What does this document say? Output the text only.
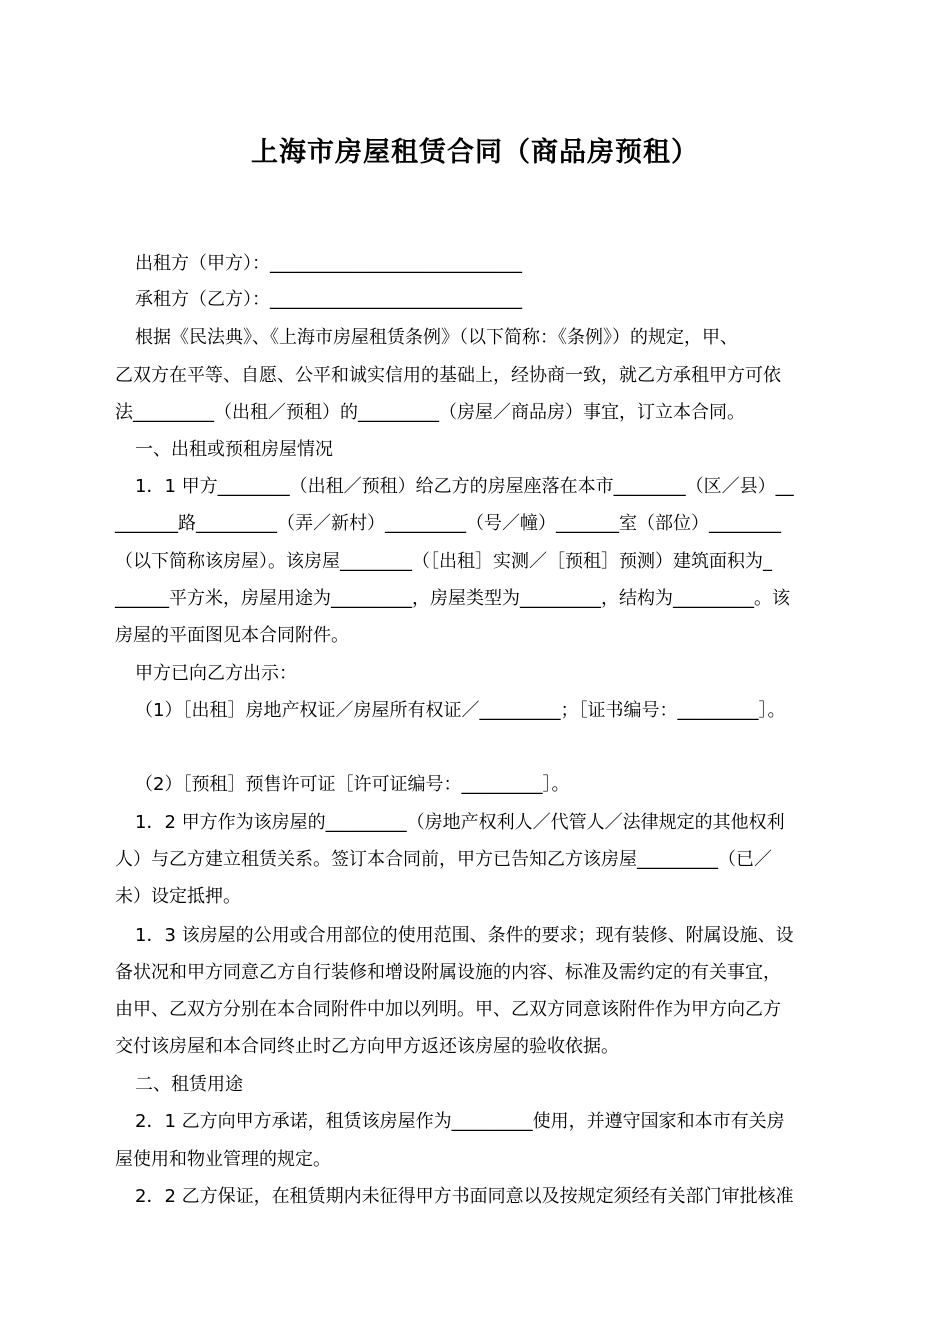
上海市房屋租赁合同（商品房预租）
出租方（甲方）：____________________________
承租方（乙方）：____________________________
根据《民法典》、《上海市房屋租赁条例》（以下简称：《条例》）的规定，甲、
乙双方在平等、自愿、公平和诚实信用的基础上，经协商一致，就乙方承租甲方可依
法_________（出租／预租）的_________（房屋／商品房）事宜，订立本合同。
一、出租或预租房屋情况
1．1 甲方________（出租／预租）给乙方的房屋座落在本市________（区／县）__
_______路_________（弄／新村）_________（号／幢）_______室（部位）________
（以下简称该房屋）。该房屋________（［出租］实测／［预租］预测）建筑面积为_
______平方米，房屋用途为_________，房屋类型为_________，结构为_________。该
房屋的平面图见本合同附件。
甲方已向乙方出示：
（1）［出租］房地产权证／房屋所有权证／_________；［证书编号：_________］。
（2）［预租］预售许可证［许可证编号：_________］。
1．2 甲方作为该房屋的_________（房地产权利人／代管人／法律规定的其他权利
人）与乙方建立租赁关系。签订本合同前，甲方已告知乙方该房屋_________（已／
未）设定抵押。
1．3 该房屋的公用或合用部位的使用范围、条件的要求；现有装修、附属设施、设
备状况和甲方同意乙方自行装修和增设附属设施的内容、标准及需约定的有关事宜，
由甲、乙双方分别在本合同附件中加以列明。甲、乙双方同意该附件作为甲方向乙方
交付该房屋和本合同终止时乙方向甲方返还该房屋的验收依据。
二、租赁用途
2．1 乙方向甲方承诺，租赁该房屋作为_________使用，并遵守国家和本市有关房
屋使用和物业管理的规定。
2．2 乙方保证，在租赁期内未征得甲方书面同意以及按规定须经有关部门审批核准
